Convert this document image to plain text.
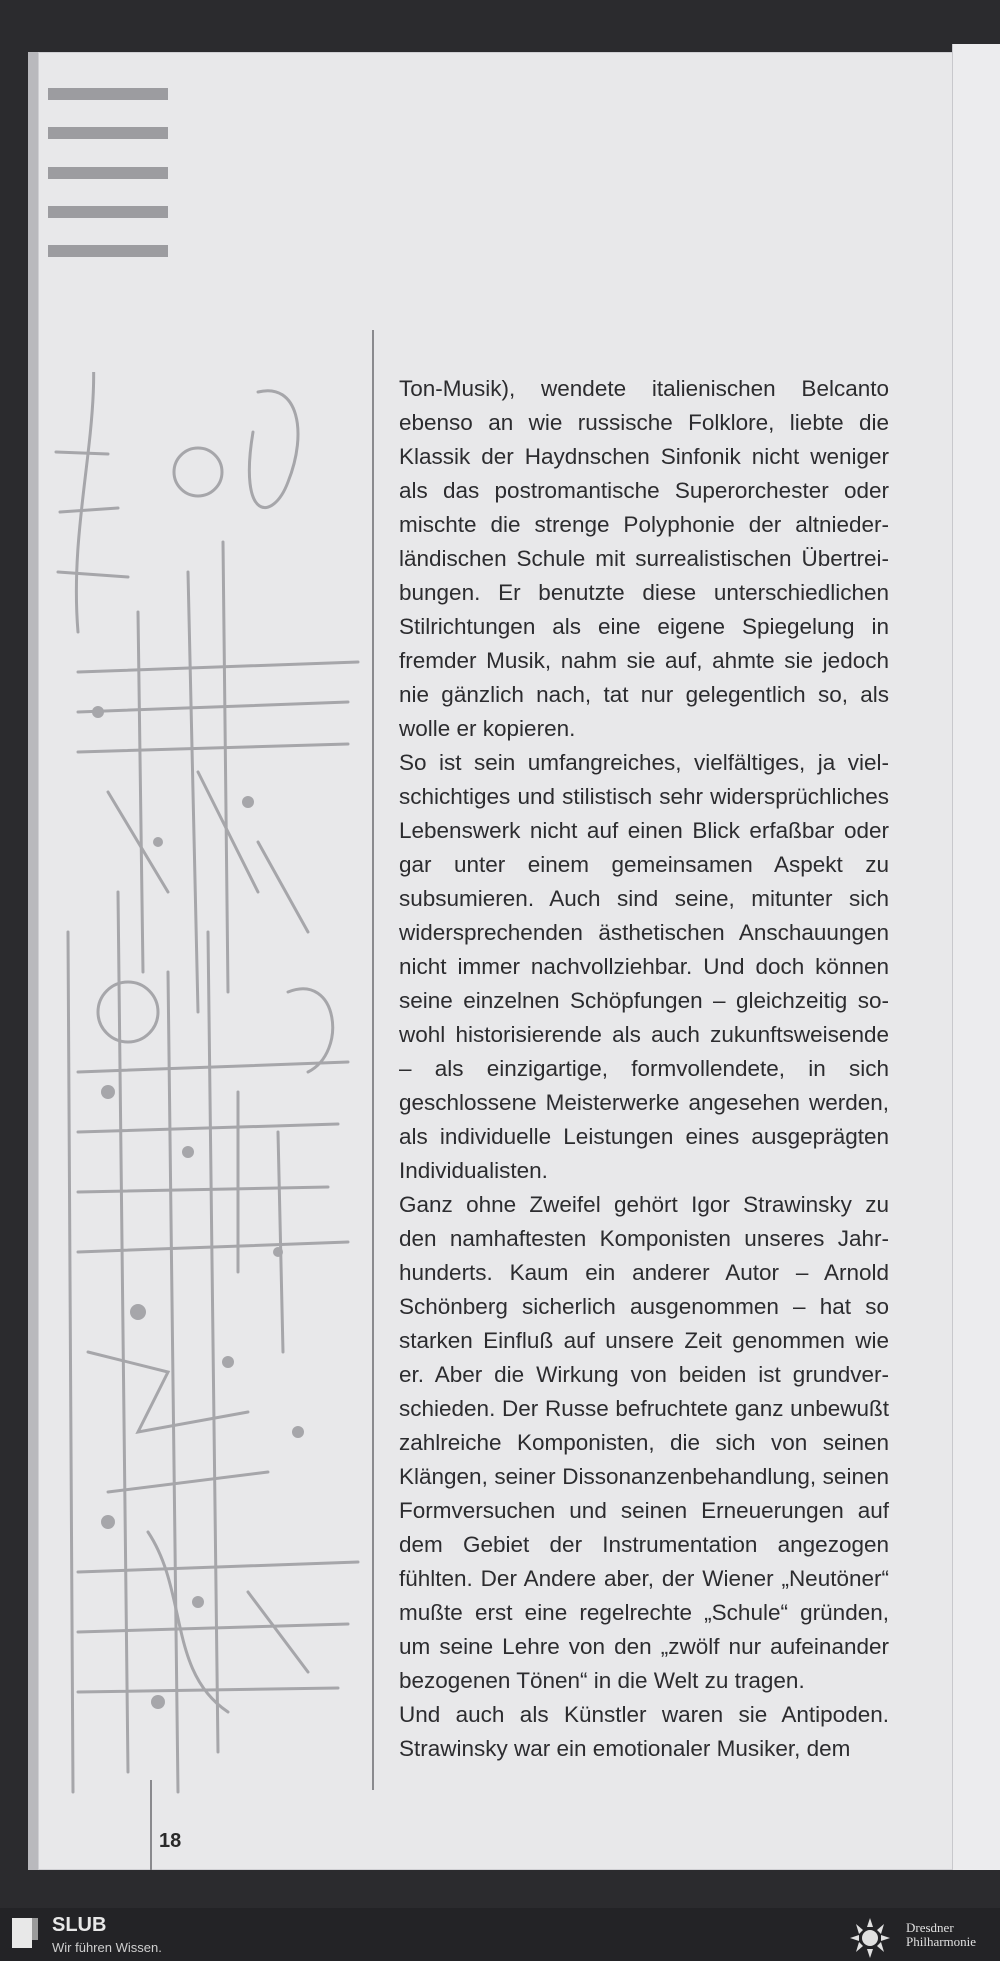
Ton-Musik), wendete italienischen Belcanto ebenso an wie russische Folklore, liebte die Klassik der Haydnschen Sinfonik nicht weniger als das postromantische Superorchester oder mischte die strenge Polyphonie der altniederländischen Schule mit surrealistischen Übertreibungen. Er benutzte diese unterschiedlichen Stilrichtungen als eine eigene Spiegelung in fremder Musik, nahm sie auf, ahmte sie jedoch nie gänzlich nach, tat nur gelegentlich so, als wolle er kopieren.

So ist sein umfangreiches, vielfältiges, ja vielschichtiges und stilistisch sehr widersprüchliches Lebenswerk nicht auf einen Blick erfaßbar oder gar unter einem gemeinsamen Aspekt zu subsumieren. Auch sind seine, mitunter sich widersprechenden ästhetischen Anschauungen nicht immer nachvollziehbar. Und doch können seine einzelnen Schöpfungen – gleichzeitig sowohl historisierende als auch zukunftsweisende – als einzigartige, formvollendete, in sich geschlossene Meisterwerke angesehen werden, als individuelle Leistungen eines ausgeprägten Individualisten.

Ganz ohne Zweifel gehört Igor Strawinsky zu den namhaftesten Komponisten unseres Jahrhunderts. Kaum ein anderer Autor – Arnold Schönberg sicherlich ausgenommen – hat so starken Einfluß auf unsere Zeit genommen wie er. Aber die Wirkung von beiden ist grundverschieden. Der Russe befruchtete ganz unbewußt zahlreiche Komponisten, die sich von seinen Klängen, seiner Dissonanzenbehandlung, seinen Formversuchen und seinen Erneuerungen auf dem Gebiet der Instrumentation angezogen fühlten. Der Andere aber, der Wiener „Neutöner“ mußte erst eine regelrechte „Schule“ gründen, um seine Lehre von den „zwölf nur aufeinander bezogenen Tönen“ in die Welt zu tragen.

Und auch als Künstler waren sie Antipoden. Strawinsky war ein emotionaler Musiker, dem

18
SLUB
Wir führen Wissen.
Dresdner
Philharmonie
